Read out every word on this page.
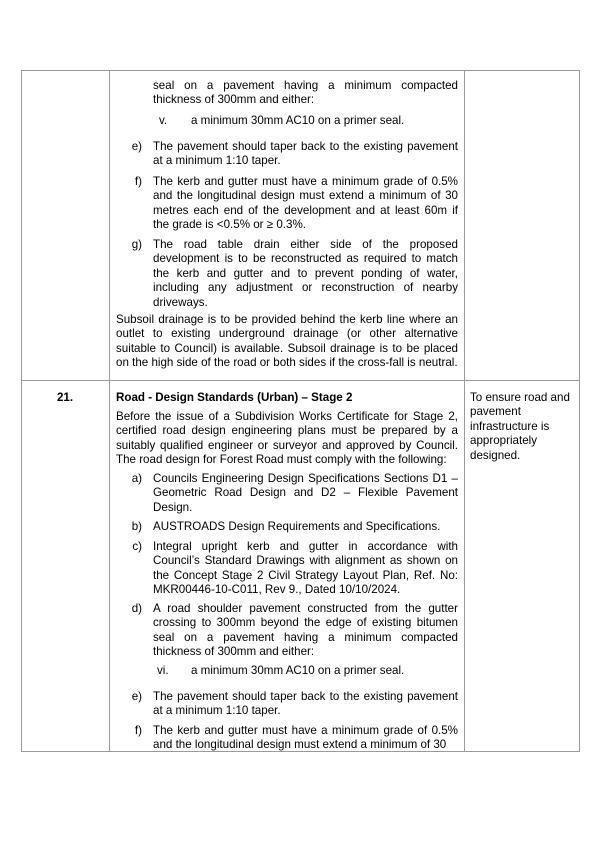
seal on a pavement having a minimum compacted thickness of 300mm and either:
v. a minimum 30mm AC10 on a primer seal.
e) The pavement should taper back to the existing pavement at a minimum 1:10 taper.
f) The kerb and gutter must have a minimum grade of 0.5% and the longitudinal design must extend a minimum of 30 metres each end of the development and at least 60m if the grade is <0.5% or ≥ 0.3%.
g) The road table drain either side of the proposed development is to be reconstructed as required to match the kerb and gutter and to prevent ponding of water, including any adjustment or reconstruction of nearby driveways.
Subsoil drainage is to be provided behind the kerb line where an outlet to existing underground drainage (or other alternative suitable to Council) is available. Subsoil drainage is to be placed on the high side of the road or both sides if the cross-fall is neutral.
21.	Road - Design Standards (Urban) – Stage 2
Before the issue of a Subdivision Works Certificate for Stage 2, certified road design engineering plans must be prepared by a suitably qualified engineer or surveyor and approved by Council. The road design for Forest Road must comply with the following:
a) Councils Engineering Design Specifications Sections D1 – Geometric Road Design and D2 – Flexible Pavement Design.
b) AUSTROADS Design Requirements and Specifications.
c) Integral upright kerb and gutter in accordance with Council’s Standard Drawings with alignment as shown on the Concept Stage 2 Civil Strategy Layout Plan, Ref. No: MKR00446-10-C011, Rev 9., Dated 10/10/2024.
d) A road shoulder pavement constructed from the gutter crossing to 300mm beyond the edge of existing bitumen seal on a pavement having a minimum compacted thickness of 300mm and either:
vi. a minimum 30mm AC10 on a primer seal.
e) The pavement should taper back to the existing pavement at a minimum 1:10 taper.
f) The kerb and gutter must have a minimum grade of 0.5% and the longitudinal design must extend a minimum of 30
To ensure road and pavement infrastructure is appropriately designed.
